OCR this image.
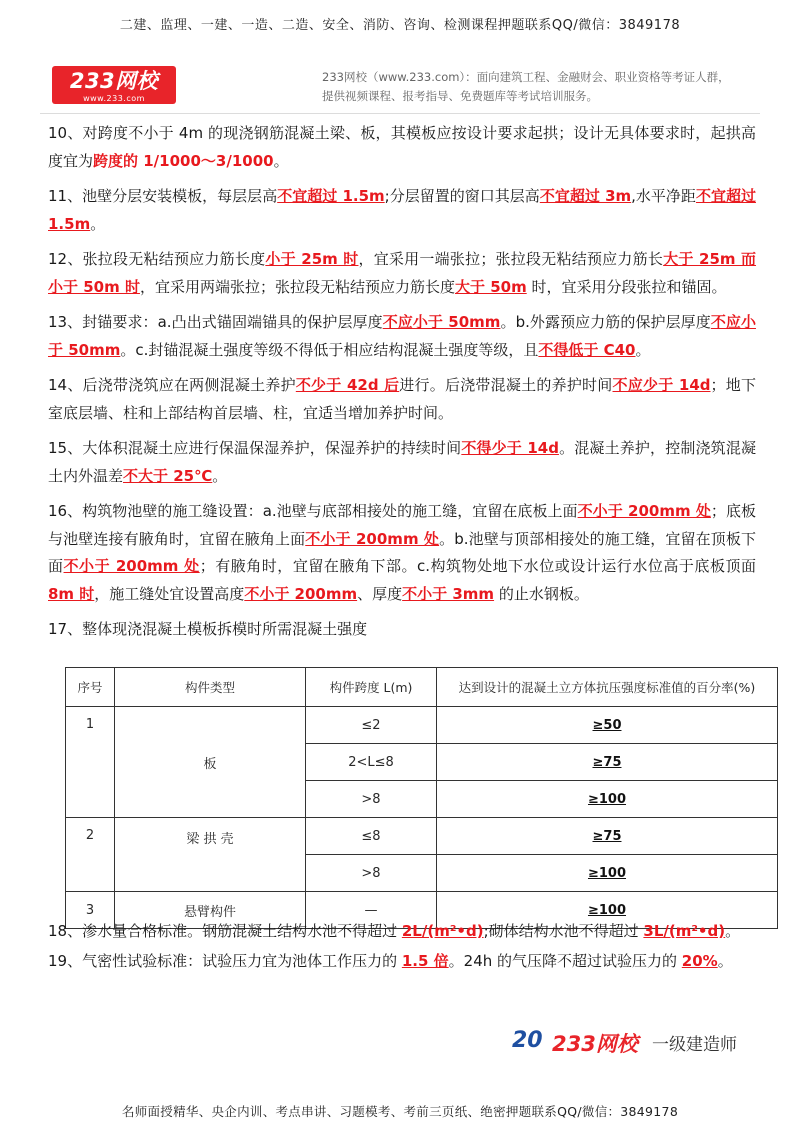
二建、监理、一建、一造、二造、安全、消防、咨询、检测课程押题联系QQ/微信：3849178
233网校
www.233.com
233网校（www.233.com）：面向建筑工程、金融财会、职业资格等考证人群，
提供视频课程、报考指导、免费题库等考试培训服务。
10、对跨度不小于 4m 的现浇钢筋混凝土梁、板，其模板应按设计要求起拱；设计无具体要求时，起拱高度宜为跨度的 1/1000～3/1000。
11、池壁分层安装模板，每层层高不宜超过 1.5m;分层留置的窗口其层高不宜超过 3m,水平净距不宜超过 1.5m。
12、张拉段无粘结预应力筋长度小于 25m 时，宜采用一端张拉；张拉段无粘结预应力筋长大于 25m 而小于 50m 时，宜采用两端张拉；张拉段无粘结预应力筋长度大于 50m 时，宜采用分段张拉和锚固。
13、封锚要求：a.凸出式锚固端锚具的保护层厚度不应小于 50mm。b.外露预应力筋的保护层厚度不应小于 50mm。c.封锚混凝土强度等级不得低于相应结构混凝土强度等级，且不得低于 C40。
14、后浇带浇筑应在两侧混凝土养护不少于 42d 后进行。后浇带混凝土的养护时间不应少于 14d；地下室底层墙、柱和上部结构首层墙、柱，宜适当增加养护时间。
15、大体积混凝土应进行保温保湿养护，保湿养护的持续时间不得少于 14d。混凝土养护，控制浇筑混凝土内外温差不大于 25℃。
16、构筑物池壁的施工缝设置：a.池壁与底部相接处的施工缝，宜留在底板上面不小于 200mm 处；底板与池壁连接有腋角时，宜留在腋角上面不小于 200mm 处。b.池壁与顶部相接处的施工缝，宜留在顶板下面不小于 200mm 处；有腋角时，宜留在腋角下部。c.构筑物处地下水位或设计运行水位高于底板顶面 8m 时，施工缝处宜设置高度不小于 200mm、厚度不小于 3mm 的止水钢板。
17、整体现浇混凝土模板拆模时所需混凝土强度
序号	构件类型	构件跨度 L(m)	达到设计的混凝土立方体抗压强度标准值的百分率(%)
1	板	≤2	≥50
		2<L≤8	≥75
		>8	≥100
2	梁 拱 壳	≤8	≥75
		>8	≥100
3	悬臂构件	—	≥100
18、渗水量合格标准。钢筋混凝土结构水池不得超过 2L/(m²•d);砌体结构水池不得超过 3L/(m²•d)。
19、气密性试验标准：试验压力宜为池体工作压力的 1.5 倍。24h 的气压降不超过试验压力的 20%。
20 233网校 一级建造师
名师面授精华、央企内训、考点串讲、习题模考、考前三页纸、绝密押题联系QQ/微信：3849178
